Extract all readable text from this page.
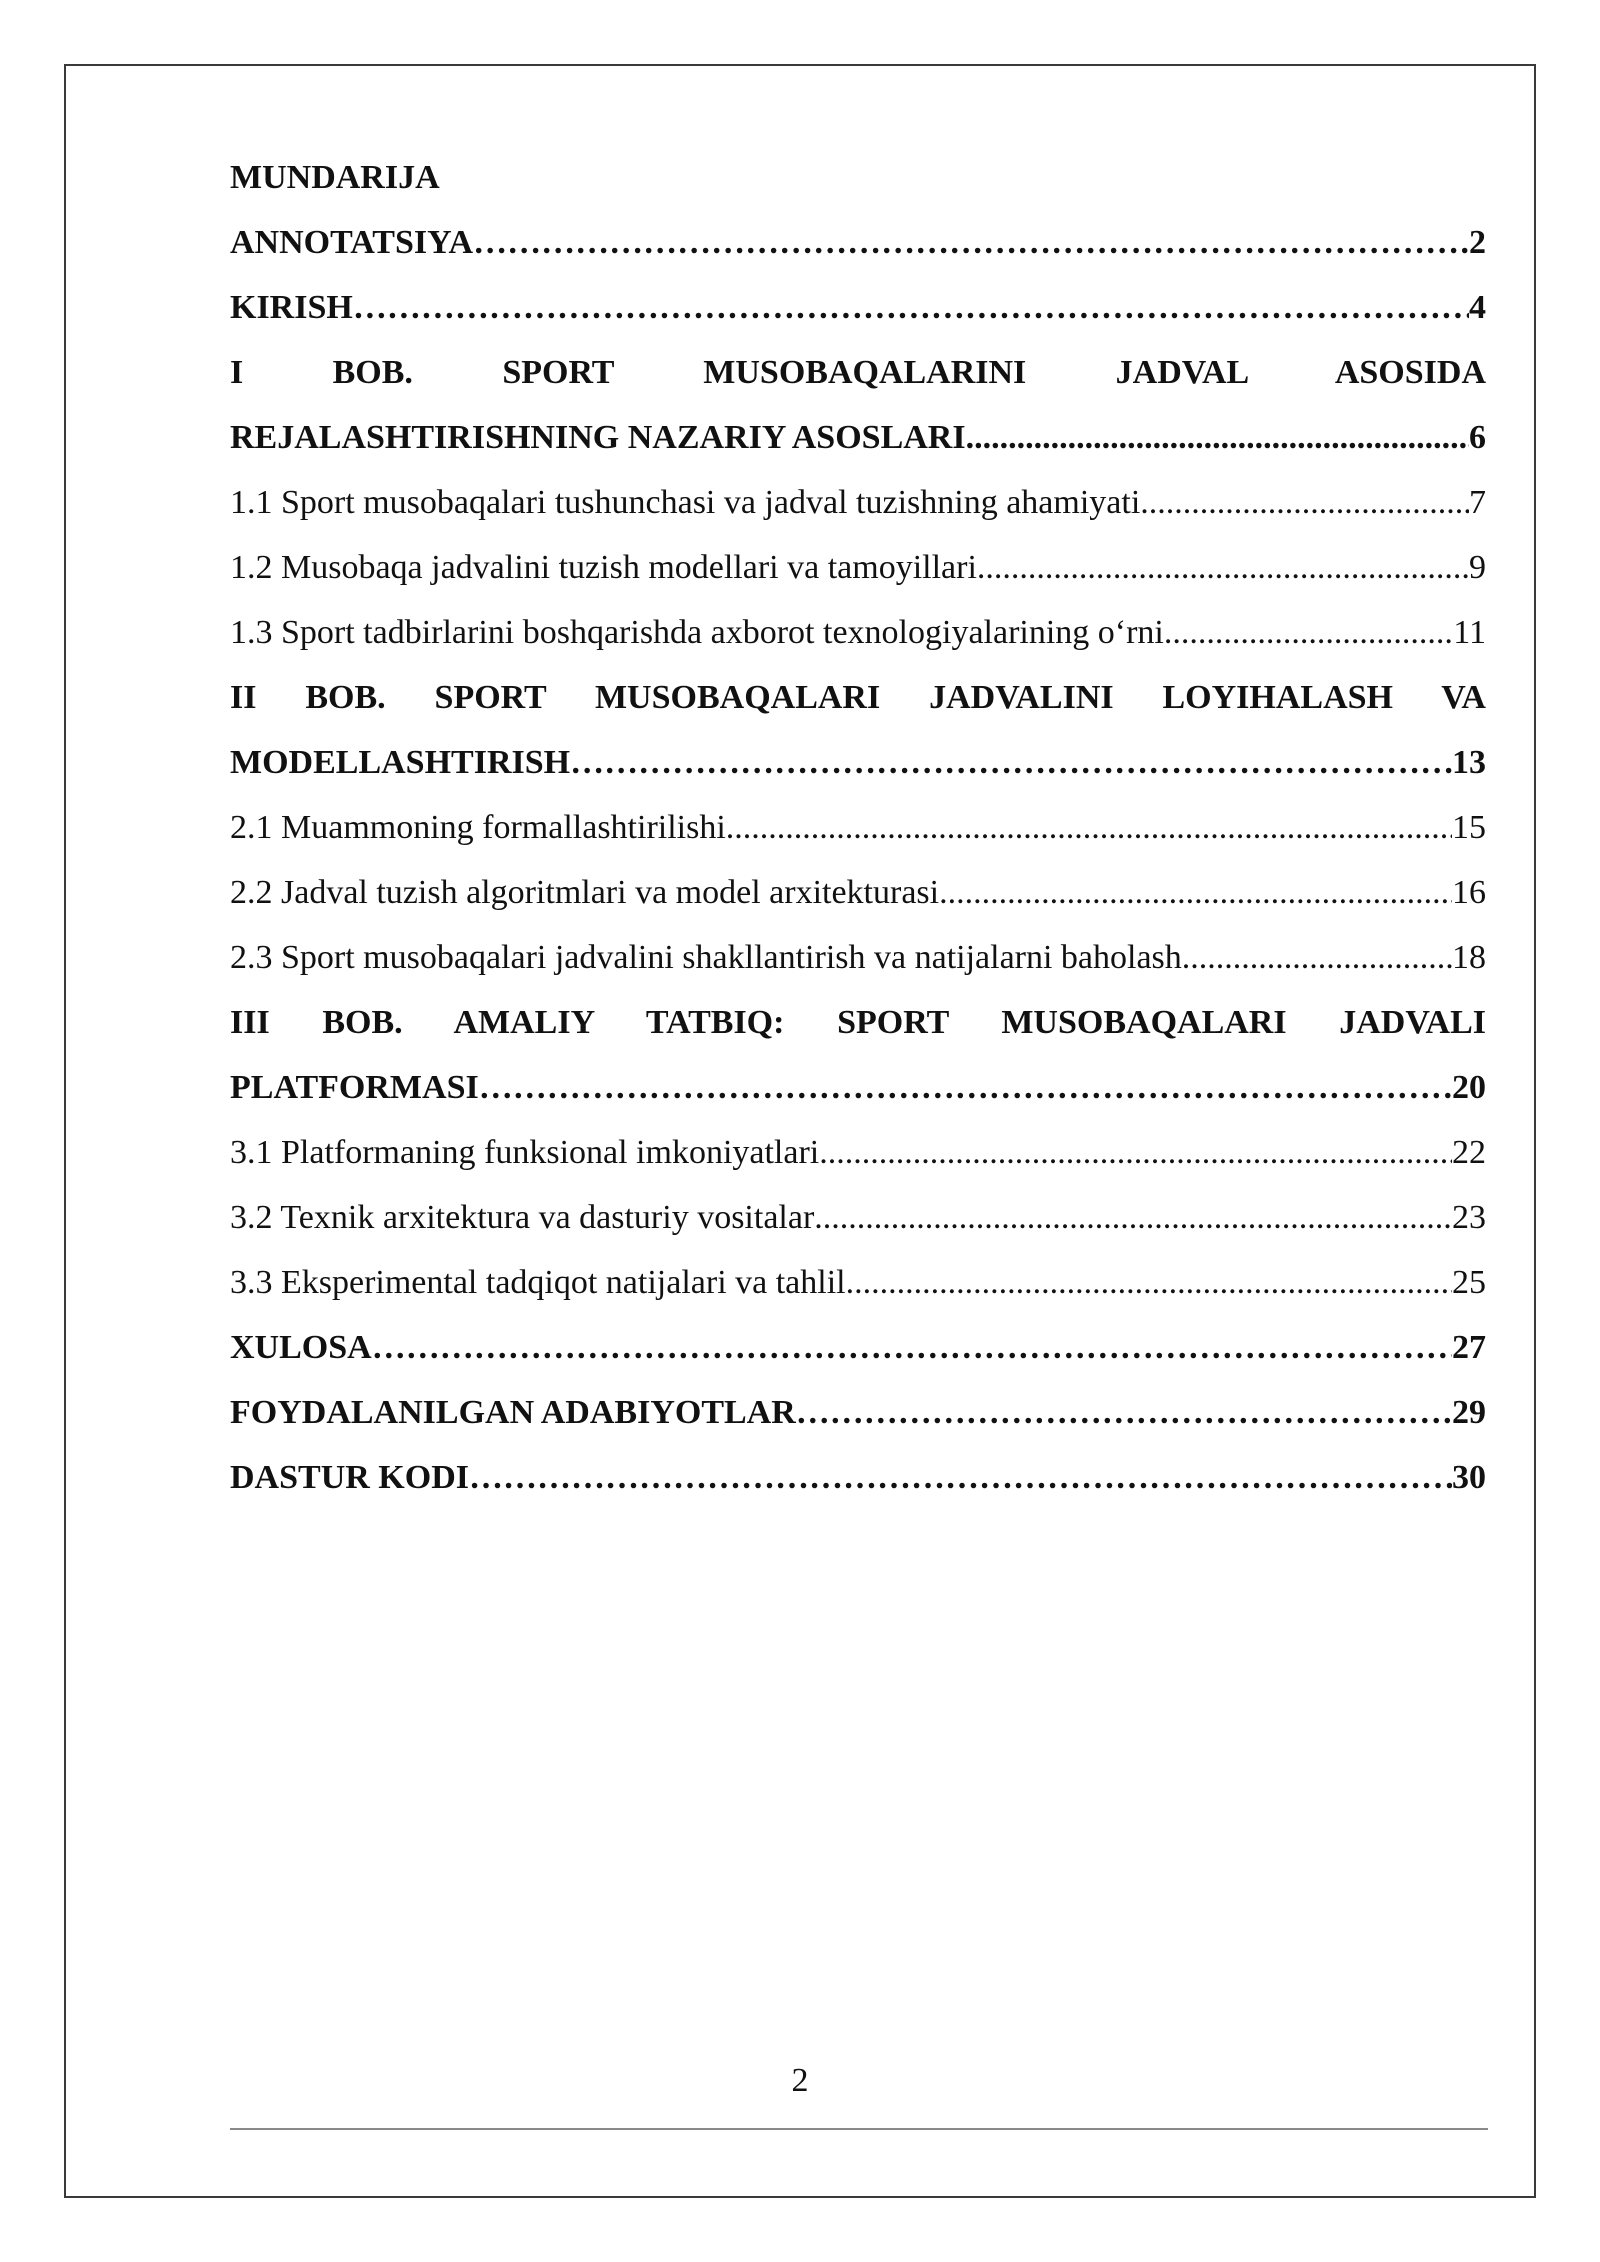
MUNDARIJA
ANNOTATSIYA ………………………………………………………………………………………………………………………………………………………………………………………………	2
KIRISH ………………………………………………………………………………………………………………………………………………………………………………………………	4
I BOB. SPORT MUSOBAQALARINI JADVAL ASOSIDA
REJALASHTIRISHNING NAZARIY ASOSLARI .....	6
1.1 Sport musobaqalari tushunchasi va jadval tuzishning ahamiyati .....	7
1.2 Musobaqa jadvalini tuzish modellari va tamoyillari .....	9
1.3 Sport tadbirlarini boshqarishda axborot texnologiyalarining o‘rni .....	11
II BOB. SPORT MUSOBAQALARI JADVALINI LOYIHALASH VA
MODELLASHTIRISH ………………………………………………………………………………………………………………………………………………………………………………………………	13
2.1 Muammoning formallashtirilishi .....	15
2.2 Jadval tuzish algoritmlari va model arxitekturasi .....	16
2.3 Sport musobaqalari jadvalini shakllantirish va natijalarni baholash .....	18
III BOB. AMALIY TATBIQ: SPORT MUSOBAQALARI JADVALI
PLATFORMASI ………………………………………………………………………………………………………………………………………………………………………………………………	20
3.1 Platformaning funksional imkoniyatlari .....	22
3.2 Texnik arxitektura va dasturiy vositalar .....	23
3.3 Eksperimental tadqiqot natijalari va tahlil .....	25
XULOSA ………………………………………………………………………………………………………………………………………………………………………………………………	27
FOYDALANILGAN ADABIYOTLAR ………………………………………………………………………………………………………………………………………………………………………………………………	29
DASTUR KODI ………………………………………………………………………………………………………………………………………………………………………………………………	30
2
